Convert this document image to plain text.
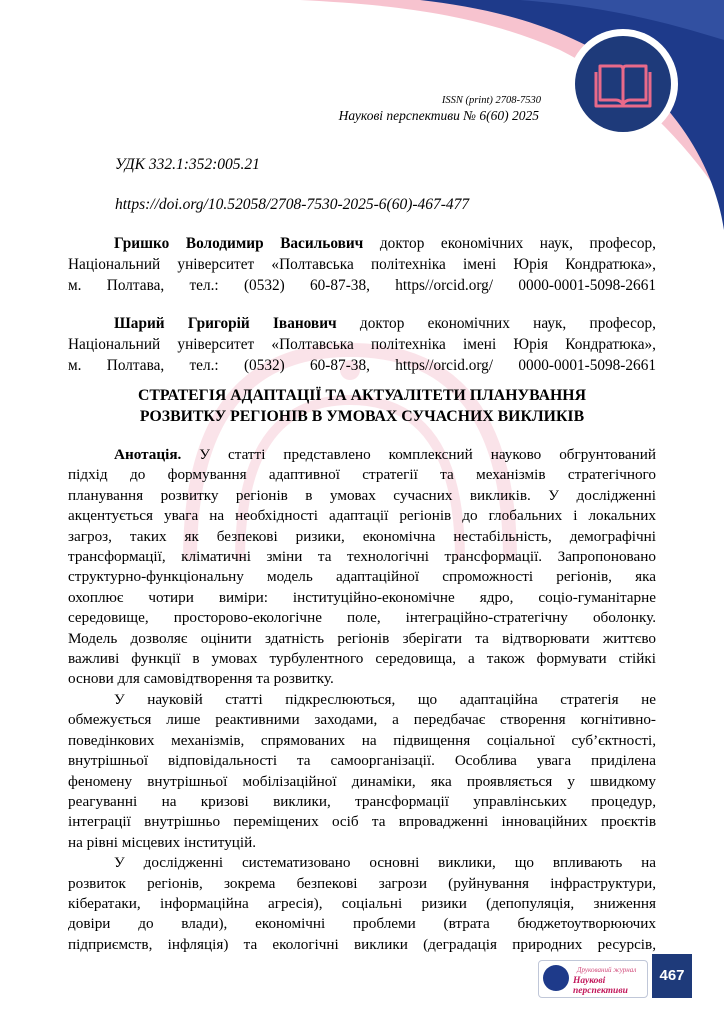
ISSN (print) 2708-7530
Наукові перспективи № 6(60) 2025
УДК 332.1:352:005.21
https://doi.org/10.52058/2708-7530-2025-6(60)-467-477
Гришко Володимир Васильович доктор економічних наук, професор,
Національний університет «Полтавська політехніка імені Юрія Кондратюка»,
м. Полтава, тел.: (0532) 60-87-38, https//orcid.org/ 0000-0001-5098-2661
Шарий Григорій Іванович доктор економічних наук, професор,
Національний університет «Полтавська політехніка імені Юрія Кондратюка»,
м. Полтава, тел.: (0532) 60-87-38, https//orcid.org/ 0000-0001-5098-2661
СТРАТЕГІЯ АДАПТАЦІЇ ТА АКТУАЛІТЕТИ ПЛАНУВАННЯ
РОЗВИТКУ РЕГІОНІВ В УМОВАХ СУЧАСНИХ ВИКЛИКІВ
Анотація. У статті представлено комплексний науково обгрунтований
підхід до формування адаптивної стратегії та механізмів стратегічного
планування розвитку регіонів в умовах сучасних викликів. У дослідженні
акцентується увага на необхідності адаптації регіонів до глобальних і локальних
загроз, таких як безпекові ризики, економічна нестабільність, демографічні
трансформації, кліматичні зміни та технологічні трансформації. Запропоновано
структурно-функціональну модель адаптаційної спроможності регіонів, яка
охоплює чотири виміри: інституційно-економічне ядро, соціо-гуманітарне
середовище, просторово-екологічне поле, інтеграційно-стратегічну оболонку.
Модель дозволяє оцінити здатність регіонів зберігати та відтворювати життєво
важливі функції в умовах турбулентного середовища, а також формувати стійкі
основи для самовідтворення та розвитку.
У науковій статті підкреслюються, що адаптаційна стратегія не
обмежується лише реактивними заходами, а передбачає створення когнітивно-
поведінкових механізмів, спрямованих на підвищення соціальної суб’єктності,
внутрішньої відповідальності та самоорганізації. Особлива увага приділена
феномену внутрішньої мобілізаційної динаміки, яка проявляється у швидкому
реагуванні на кризові виклики, трансформації управлінських процедур,
інтеграції внутрішньо переміщених осіб та впровадженні інноваційних проєктів
на рівні місцевих інституцій.
У дослідженні систематизовано основні виклики, що впливають на
розвиток регіонів, зокрема безпекові загрози (руйнування інфраструктури,
кібератаки, інформаційна агресія), соціальні ризики (депопуляція, зниження
довіри до влади), економічні проблеми (втрата бюджетоутворюючих
підприємств, інфляція) та екологічні виклики (деградація природних ресурсів,
Друкований журнал
Наукові перспективи
467
